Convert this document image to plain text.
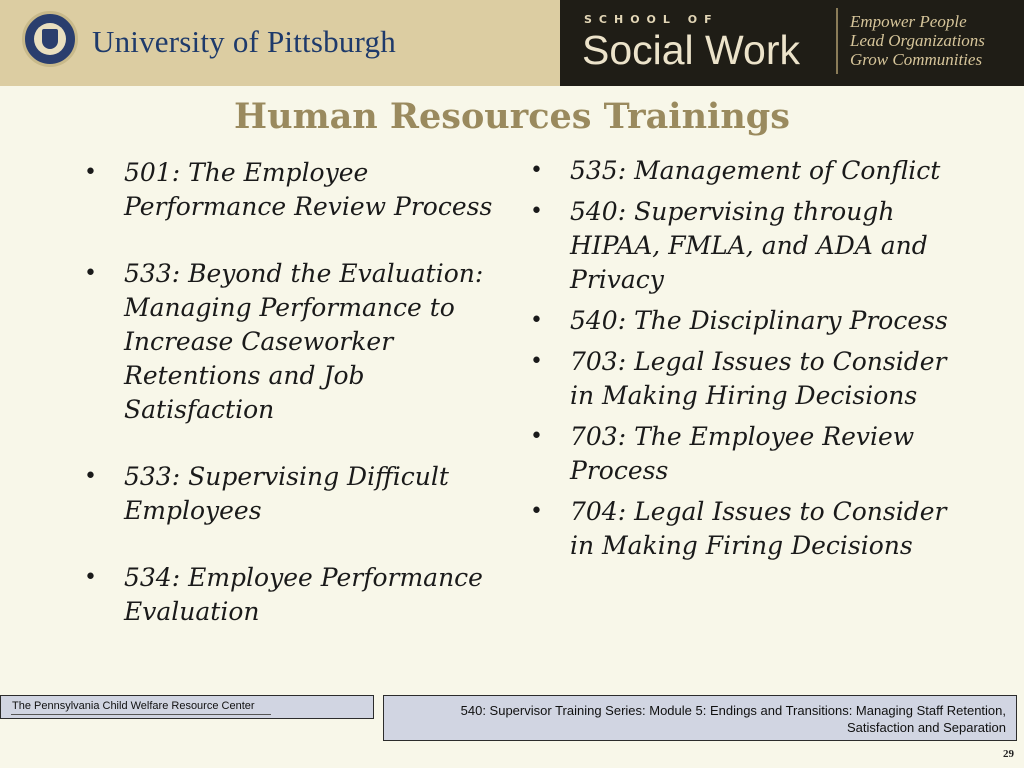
University of Pittsburgh
SCHOOL OF
Social Work
Empower People
Lead Organizations
Grow Communities
Human Resources Trainings
• 501: The Employee Performance Review Process
• 533: Beyond the Evaluation: Managing Performance to Increase Caseworker Retentions and Job Satisfaction
• 533: Supervising Difficult Employees
• 534: Employee Performance Evaluation
• 535: Management of Conflict
• 540: Supervising through HIPAA, FMLA, and ADA and Privacy
• 540: The Disciplinary Process
• 703: Legal Issues to Consider in Making Hiring Decisions
• 703: The Employee Review Process
• 704: Legal Issues to Consider in Making Firing Decisions
The Pennsylvania Child Welfare Resource Center	540: Supervisor Training Series: Module 5: Endings and Transitions: Managing Staff Retention, Satisfaction and Separation
29
